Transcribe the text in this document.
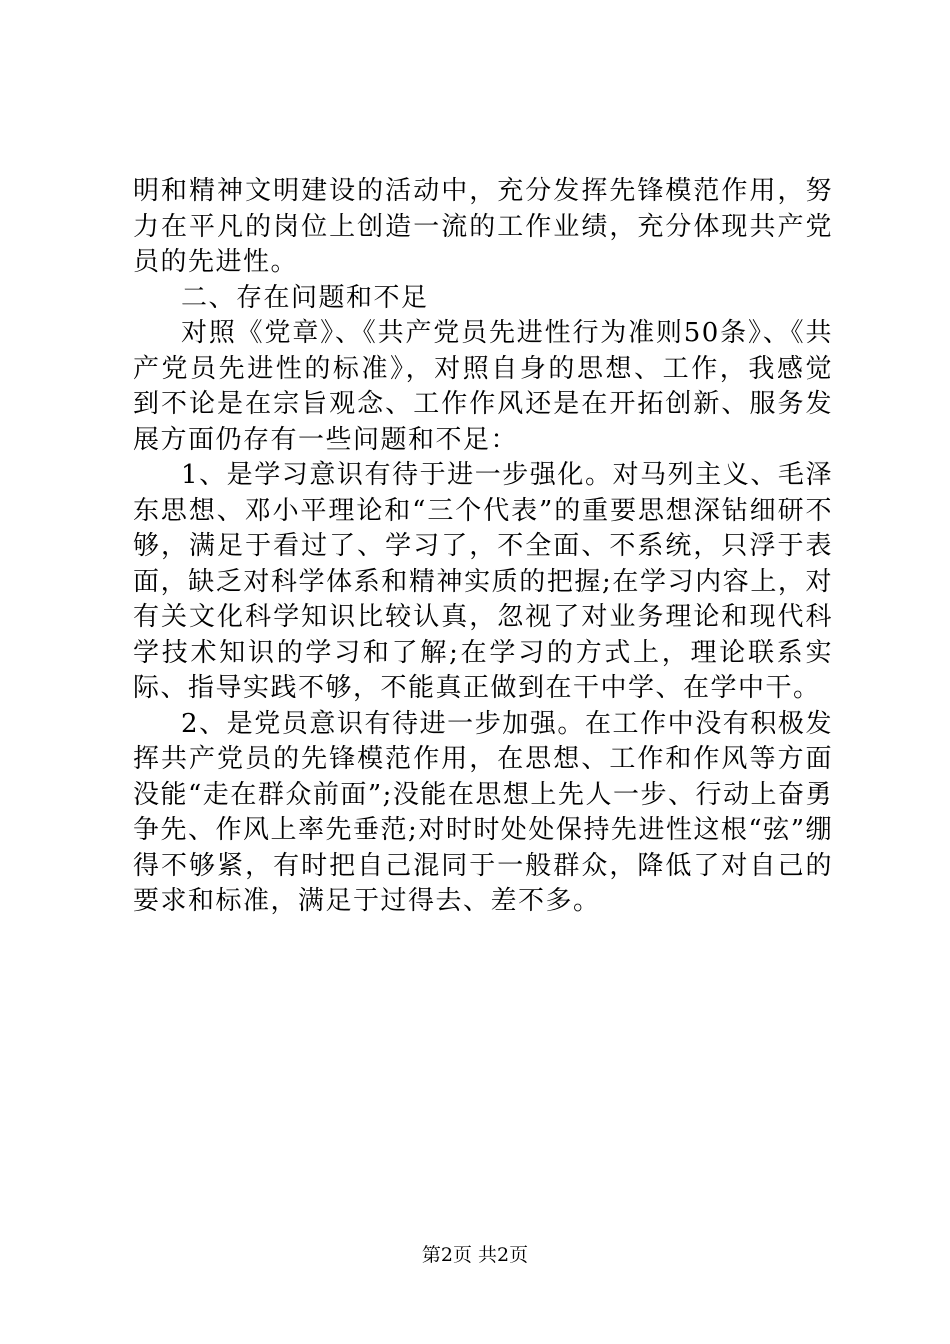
明和精神文明建设的活动中，充分发挥先锋模范作用，努力在平凡的岗位上创造一流的工作业绩，充分体现共产党员的先进性。

二、存在问题和不足

对照《党章》、《共产党员先进性行为准则50条》、《共产党员先进性的标准》，对照自身的思想、工作，我感觉到不论是在宗旨观念、工作作风还是在开拓创新、服务发展方面仍存有一些问题和不足：

1、是学习意识有待于进一步强化。对马列主义、毛泽东思想、邓小平理论和“三个代表”的重要思想深钻细研不够，满足于看过了、学习了，不全面、不系统，只浮于表面，缺乏对科学体系和精神实质的把握;在学习内容上，对有关文化科学知识比较认真，忽视了对业务理论和现代科学技术知识的学习和了解;在学习的方式上，理论联系实际、指导实践不够，不能真正做到在干中学、在学中干。

2、是党员意识有待进一步加强。在工作中没有积极发挥共产党员的先锋模范作用，在思想、工作和作风等方面没能“走在群众前面”;没能在思想上先人一步、行动上奋勇争先、作风上率先垂范;对时时处处保持先进性这根“弦”绷得不够紧，有时把自己混同于一般群众，降低了对自己的要求和标准，满足于过得去、差不多。

第2页 共2页
